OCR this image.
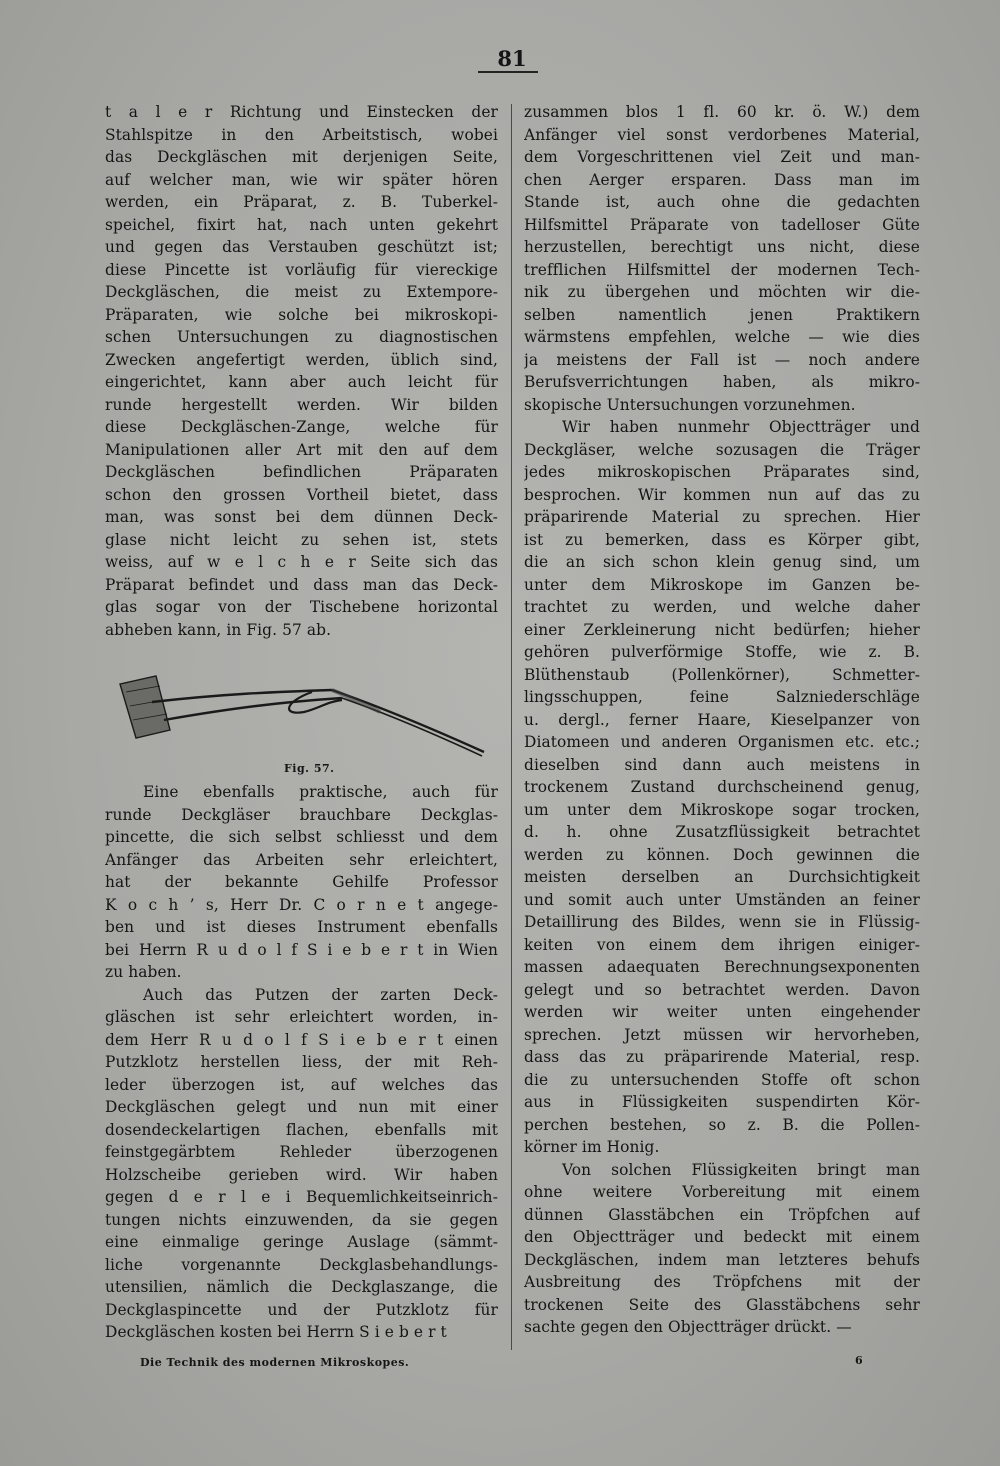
81
t a l e r Richtung und Einstecken der
Stahlspitze in den Arbeitstisch, wobei
das Deckgläschen mit derjenigen Seite,
auf welcher man, wie wir später hören
werden, ein Präparat, z. B. Tuberkel-
speichel, fixirt hat, nach unten gekehrt
und gegen das Verstauben geschützt ist;
diese Pincette ist vorläufig für viereckige
Deckgläschen, die meist zu Extempore-
Präparaten, wie solche bei mikroskopi-
schen Untersuchungen zu diagnostischen
Zwecken angefertigt werden, üblich sind,
eingerichtet, kann aber auch leicht für
runde hergestellt werden. Wir bilden
diese Deckgläschen-Zange, welche für
Manipulationen aller Art mit den auf dem
Deckgläschen befindlichen Präparaten
schon den grossen Vortheil bietet, dass
man, was sonst bei dem dünnen Deck-
glase nicht leicht zu sehen ist, stets
weiss, auf w e l c h e r Seite sich das
Präparat befindet und dass man das Deck-
glas sogar von der Tischebene horizontal
abheben kann, in Fig. 57 ab.
Fig. 57.
Eine ebenfalls praktische, auch für
runde Deckgläser brauchbare Deckglas-
pincette, die sich selbst schliesst und dem
Anfänger das Arbeiten sehr erleichtert,
hat der bekannte Gehilfe Professor
K o c h ’ s, Herr Dr. C o r n e t angege-
ben und ist dieses Instrument ebenfalls
bei Herrn R u d o l f S i e b e r t in Wien
zu haben.
Auch das Putzen der zarten Deck-
gläschen ist sehr erleichtert worden, in-
dem Herr R u d o l f S i e b e r t einen
Putzklotz herstellen liess, der mit Reh-
leder überzogen ist, auf welches das
Deckgläschen gelegt und nun mit einer
dosendeckelartigen flachen, ebenfalls mit
feinstgegärbtem Rehleder überzogenen
Holzscheibe gerieben wird. Wir haben
gegen d e r l e i Bequemlichkeitseinrich-
tungen nichts einzuwenden, da sie gegen
eine einmalige geringe Auslage (sämmt-
liche vorgenannte Deckglasbehandlungs-
utensilien, nämlich die Deckglaszange, die
Deckglaspincette und der Putzklotz für
Deckgläschen kosten bei Herrn S i e b e r t
zusammen blos 1 fl. 60 kr. ö. W.) dem
Anfänger viel sonst verdorbenes Material,
dem Vorgeschrittenen viel Zeit und man-
chen Aerger ersparen. Dass man im
Stande ist, auch ohne die gedachten
Hilfsmittel Präparate von tadelloser Güte
herzustellen, berechtigt uns nicht, diese
trefflichen Hilfsmittel der modernen Tech-
nik zu übergehen und möchten wir die-
selben namentlich jenen Praktikern
wärmstens empfehlen, welche — wie dies
ja meistens der Fall ist — noch andere
Berufsverrichtungen haben, als mikro-
skopische Untersuchungen vorzunehmen.
Wir haben nunmehr Objectträger und
Deckgläser, welche sozusagen die Träger
jedes mikroskopischen Präparates sind,
besprochen. Wir kommen nun auf das zu
präparirende Material zu sprechen. Hier
ist zu bemerken, dass es Körper gibt,
die an sich schon klein genug sind, um
unter dem Mikroskope im Ganzen be-
trachtet zu werden, und welche daher
einer Zerkleinerung nicht bedürfen; hieher
gehören pulverförmige Stoffe, wie z. B.
Blüthenstaub (Pollenkörner), Schmetter-
lingsschuppen, feine Salzniederschläge
u. dergl., ferner Haare, Kieselpanzer von
Diatomeen und anderen Organismen etc. etc.;
dieselben sind dann auch meistens in
trockenem Zustand durchscheinend genug,
um unter dem Mikroskope sogar trocken,
d. h. ohne Zusatzflüssigkeit betrachtet
werden zu können. Doch gewinnen die
meisten derselben an Durchsichtigkeit
und somit auch unter Umständen an feiner
Detaillirung des Bildes, wenn sie in Flüssig-
keiten von einem dem ihrigen einiger-
massen adaequaten Berechnungsexponenten
gelegt und so betrachtet werden. Davon
werden wir weiter unten eingehender
sprechen. Jetzt müssen wir hervorheben,
dass das zu präparirende Material, resp.
die zu untersuchenden Stoffe oft schon
aus in Flüssigkeiten suspendirten Kör-
perchen bestehen, so z. B. die Pollen-
körner im Honig.
Von solchen Flüssigkeiten bringt man
ohne weitere Vorbereitung mit einem
dünnen Glasstäbchen ein Tröpfchen auf
den Objectträger und bedeckt mit einem
Deckgläschen, indem man letzteres behufs
Ausbreitung des Tröpfchens mit der
trockenen Seite des Glasstäbchens sehr
sachte gegen den Objectträger drückt. —
Die Technik des modernen Mikroskopes.	6
